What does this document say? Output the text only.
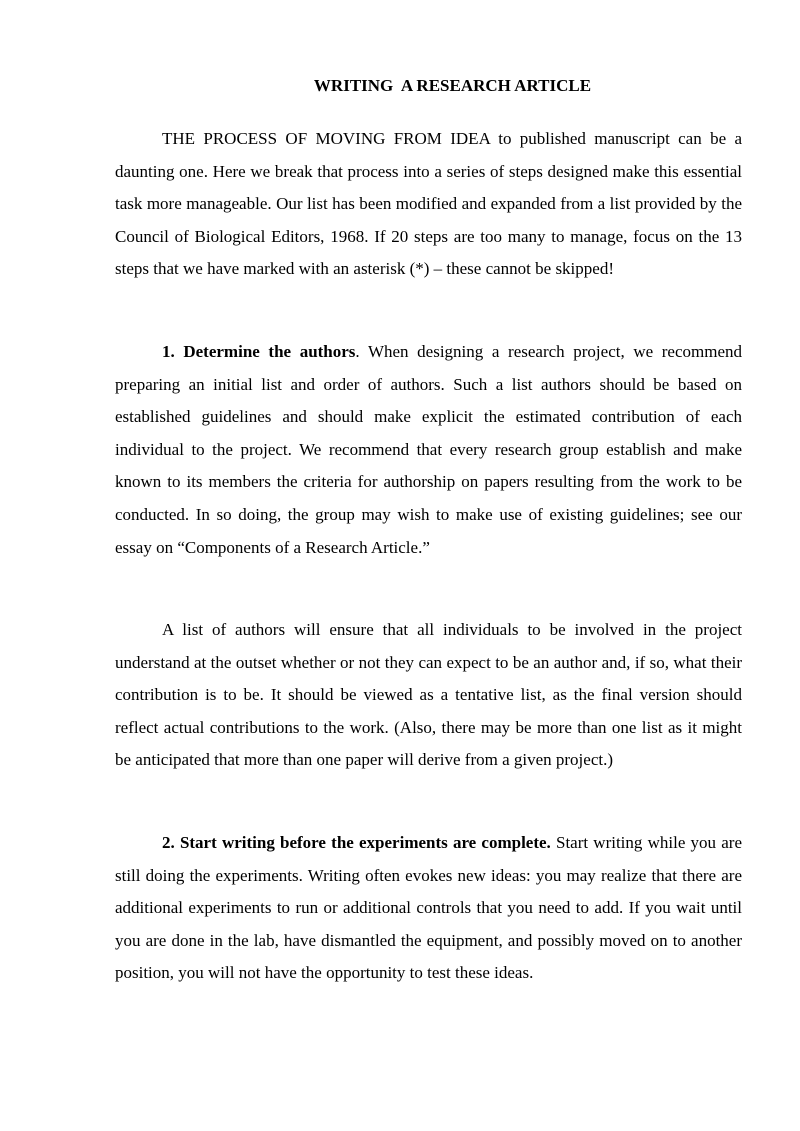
WRITING  A RESEARCH ARTICLE

THE PROCESS OF MOVING FROM IDEA to published manuscript can be a daunting one. Here we break that process into a series of steps designed make this essential task more manageable. Our list has been modified and expanded from a list provided by the Council of Biological Editors, 1968. If 20 steps are too many to manage, focus on the 13 steps that we have marked with an asterisk (*) – these cannot be skipped!

1. Determine the authors. When designing a research project, we recommend preparing an initial list and order of authors. Such a list authors should be based on established guidelines and should make explicit the estimated contribution of each individual to the project. We recommend that every research group establish and make known to its members the criteria for authorship on papers resulting from the work to be conducted. In so doing, the group may wish to make use of existing guidelines; see our essay on “Components of a Research Article.”

A list of authors will ensure that all individuals to be involved in the project understand at the outset whether or not they can expect to be an author and, if so, what their contribution is to be. It should be viewed as a tentative list, as the final version should reflect actual contributions to the work. (Also, there may be more than one list as it might be anticipated that more than one paper will derive from a given project.)

2. Start writing before the experiments are complete. Start writing while you are still doing the experiments. Writing often evokes new ideas: you may realize that there are additional experiments to run or additional controls that you need to add. If you wait until you are done in the lab, have dismantled the equipment, and possibly moved on to another position, you will not have the opportunity to test these ideas.
